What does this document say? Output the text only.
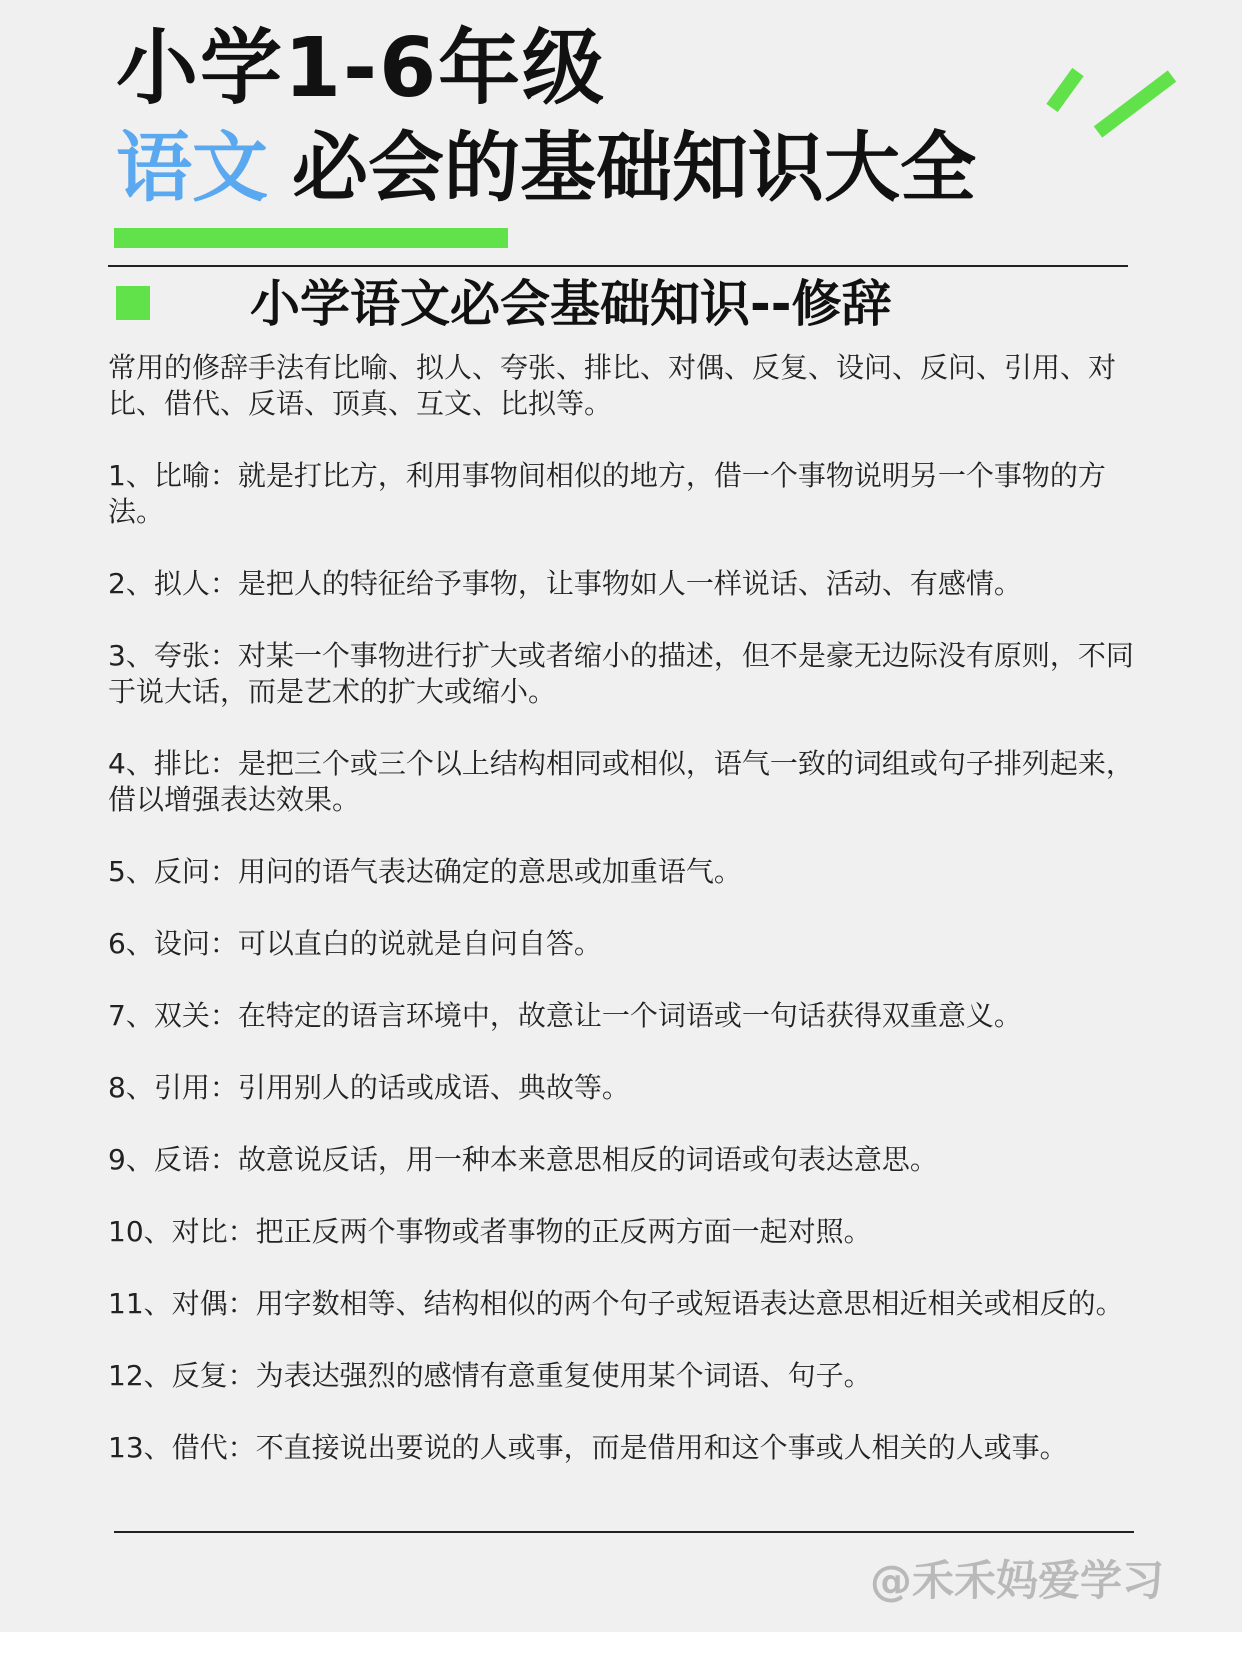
小学1-6年级
语文 必会的基础知识大全
小学语文必会基础知识--修辞

常用的修辞手法有比喻、拟人、夸张、排比、对偶、反复、设问、反问、引用、对比、借代、反语、顶真、互文、比拟等。

1、比喻：就是打比方，利用事物间相似的地方，借一个事物说明另一个事物的方法。
2、拟人：是把人的特征给予事物，让事物如人一样说话、活动、有感情。
3、夸张：对某一个事物进行扩大或者缩小的描述，但不是豪无边际没有原则，不同于说大话，而是艺术的扩大或缩小。
4、排比：是把三个或三个以上结构相同或相似，语气一致的词组或句子排列起来，借以增强表达效果。
5、反问：用问的语气表达确定的意思或加重语气。
6、设问：可以直白的说就是自问自答。
7、双关：在特定的语言环境中，故意让一个词语或一句话获得双重意义。
8、引用：引用别人的话或成语、典故等。
9、反语：故意说反话，用一种本来意思相反的词语或句表达意思。
10、对比：把正反两个事物或者事物的正反两方面一起对照。
11、对偶：用字数相等、结构相似的两个句子或短语表达意思相近相关或相反的。
12、反复：为表达强烈的感情有意重复使用某个词语、句子。
13、借代：不直接说出要说的人或事，而是借用和这个事或人相关的人或事。
@禾禾妈爱学习
